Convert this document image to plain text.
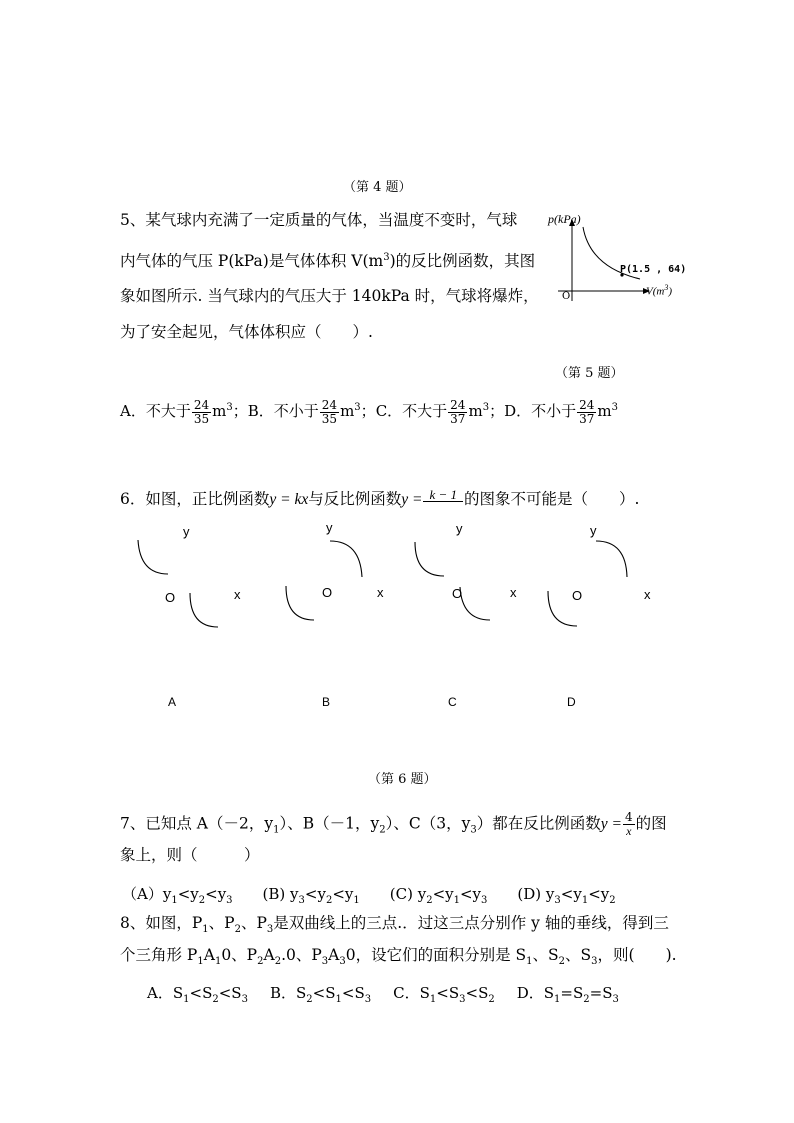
（第 4 题）
5、某气球内充满了一定质量的气体，当温度不变时，气球
内气体的气压 P(kPa)是气体体积 $V(m^3)$的反比例函数，其图
象如图所示. 当气球内的气压大于 140kPa 时，气球将爆炸，
为了安全起见，气体体积应（　　）.
p(kPa)
O
P(1.5 , 64)
$V(m^3)$
（第 5 题）
A．不大于 $\frac{24}{35} m^3$；B．不小于 $\frac{24}{35} m^3$；C．不大于 $\frac{24}{37} m^3$；D．不小于 $\frac{24}{37} m^3$
6．如图，正比例函数y = kx与反比例函数y = k − 1 的图象不可能是（　　）.
y
O	x
A
y
O	x
B
y
O	x
C
y
O	x
D
（第 6 题）
7、已知点 A（－2，$y_1$）、B（－1，$y_2$）、C（3，$y_3$）都在反比例函数$y = \frac{4}{x}$ 的图
象上，则（　　　）
$(A)y_1<y_2<y_3$ (B) $y_3<y_2<y_1$ (C) $y_2<y_1<y_3$ (D) $y_3<y_1<y_2$
8、如图，$P_1$、$P_2$、$P_3$是双曲线上的三点.．过这三点分别作 y 轴的垂线，得到三
个三角形 $P_1A_10$、$P_2A_2.0$、$P_3A_30$，设它们的面积分别是 $S_1$、$S_2$、$S_3$，则(　　).
A．$S_1<S_2<S_3$ B．$S_2<S_1<S_3$ C．$S_1<S_3<S_2$ D．$S_1=S_2=S_3$
